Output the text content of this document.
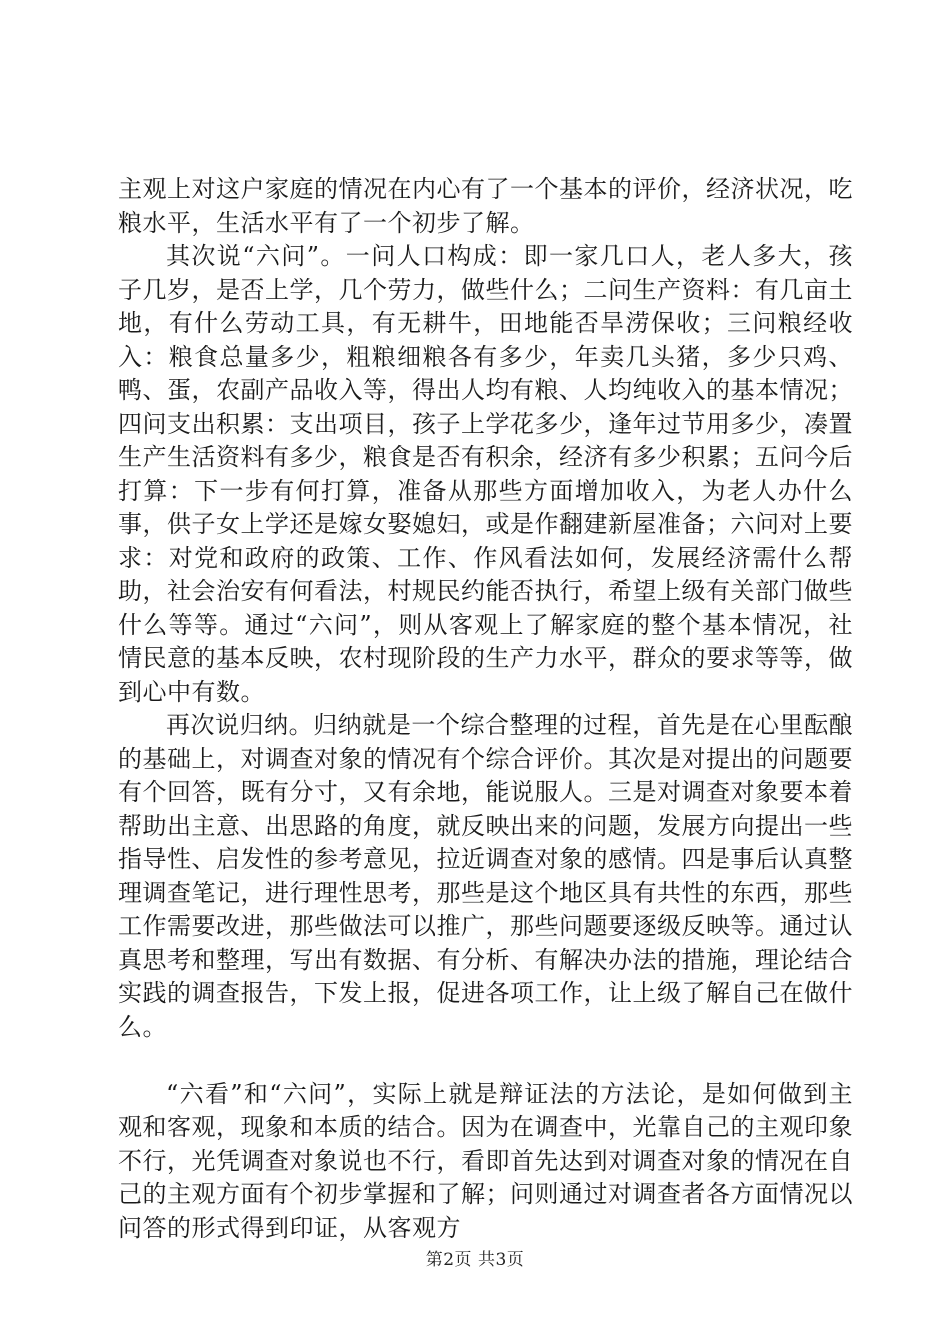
主观上对这户家庭的情况在内心有了一个基本的评价，经济状况，吃粮水平，生活水平有了一个初步了解。

其次说“六问”。一问人口构成：即一家几口人，老人多大，孩子几岁，是否上学，几个劳力，做些什么；二问生产资料：有几亩土地，有什么劳动工具，有无耕牛，田地能否旱涝保收；三问粮经收入：粮食总量多少，粗粮细粮各有多少，年卖几头猪，多少只鸡、鸭、蛋，农副产品收入等，得出人均有粮、人均纯收入的基本情况；四问支出积累：支出项目，孩子上学花多少，逢年过节用多少，凑置生产生活资料有多少，粮食是否有积余，经济有多少积累；五问今后打算：下一步有何打算，准备从那些方面增加收入，为老人办什么事，供子女上学还是嫁女娶媳妇，或是作翻建新屋准备；六问对上要求：对党和政府的政策、工作、作风看法如何，发展经济需什么帮助，社会治安有何看法，村规民约能否执行，希望上级有关部门做些什么等等。通过“六问”，则从客观上了解家庭的整个基本情况，社情民意的基本反映，农村现阶段的生产力水平，群众的要求等等，做到心中有数。

再次说归纳。归纳就是一个综合整理的过程，首先是在心里酝酿的基础上，对调查对象的情况有个综合评价。其次是对提出的问题要有个回答，既有分寸，又有余地，能说服人。三是对调查对象要本着帮助出主意、出思路的角度，就反映出来的问题，发展方向提出一些指导性、启发性的参考意见，拉近调查对象的感情。四是事后认真整理调查笔记，进行理性思考，那些是这个地区具有共性的东西，那些工作需要改进，那些做法可以推广，那些问题要逐级反映等。通过认真思考和整理，写出有数据、有分析、有解决办法的措施，理论结合实践的调查报告，下发上报，促进各项工作，让上级了解自己在做什么。

“六看”和“六问”，实际上就是辩证法的方法论，是如何做到主观和客观，现象和本质的结合。因为在调查中，光靠自己的主观印象不行，光凭调查对象说也不行，看即首先达到对调查对象的情况在自己的主观方面有个初步掌握和了解；问则通过对调查者各方面情况以问答的形式得到印证，从客观方

第2页 共3页
